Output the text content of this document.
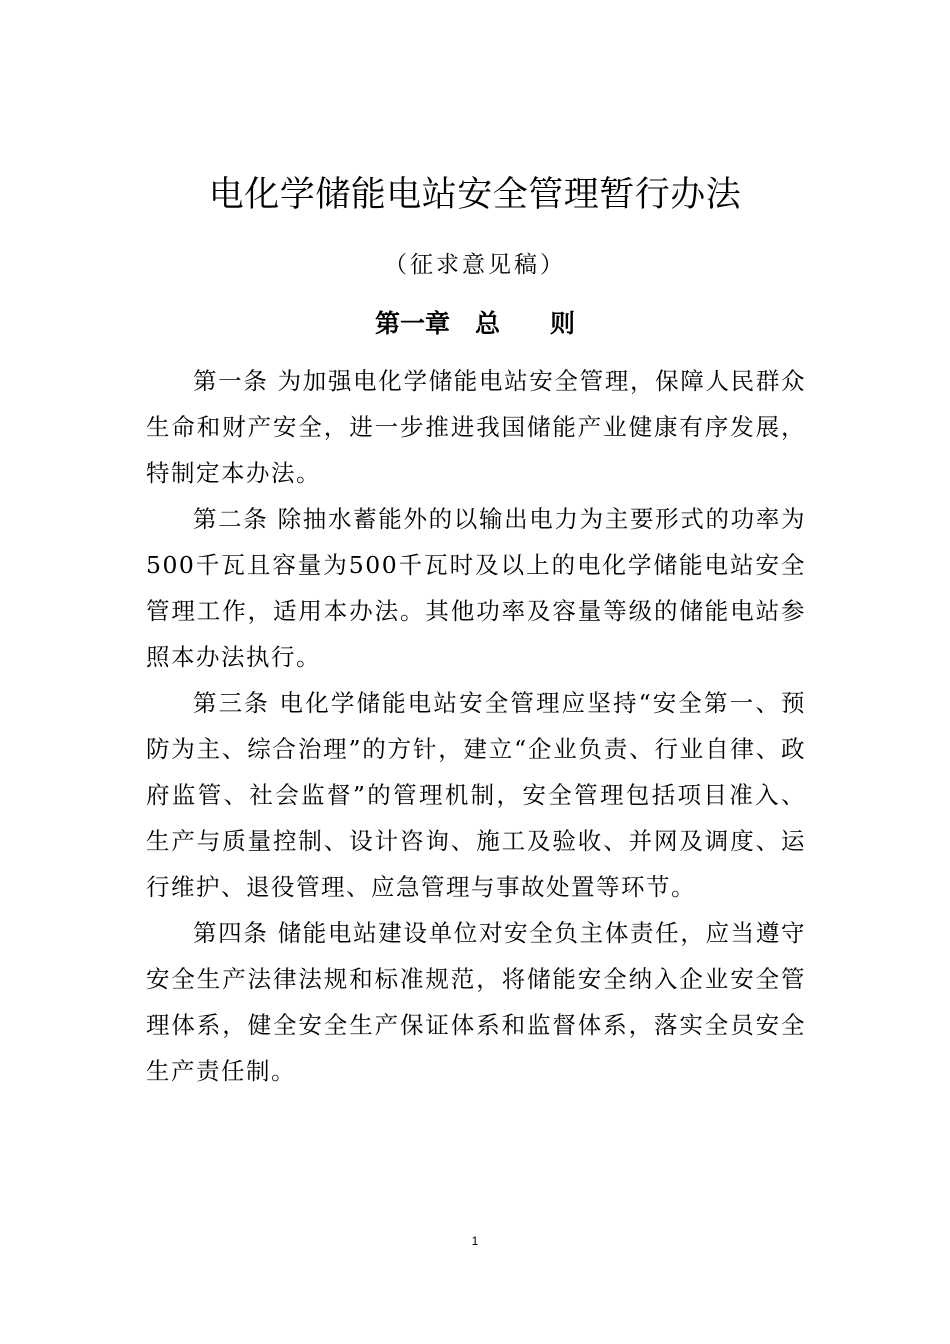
电化学储能电站安全管理暂行办法
（征求意见稿）
第一章　总　　则

第一条 为加强电化学储能电站安全管理，保障人民群众生命和财产安全，进一步推进我国储能产业健康有序发展，特制定本办法。

第二条 除抽水蓄能外的以输出电力为主要形式的功率为500千瓦且容量为500千瓦时及以上的电化学储能电站安全管理工作，适用本办法。其他功率及容量等级的储能电站参照本办法执行。

第三条 电化学储能电站安全管理应坚持“安全第一、预防为主、综合治理”的方针，建立“企业负责、行业自律、政府监管、社会监督”的管理机制，安全管理包括项目准入、生产与质量控制、设计咨询、施工及验收、并网及调度、运行维护、退役管理、应急管理与事故处置等环节。

第四条 储能电站建设单位对安全负主体责任，应当遵守安全生产法律法规和标准规范，将储能安全纳入企业安全管理体系，健全安全生产保证体系和监督体系，落实全员安全生产责任制。

1
